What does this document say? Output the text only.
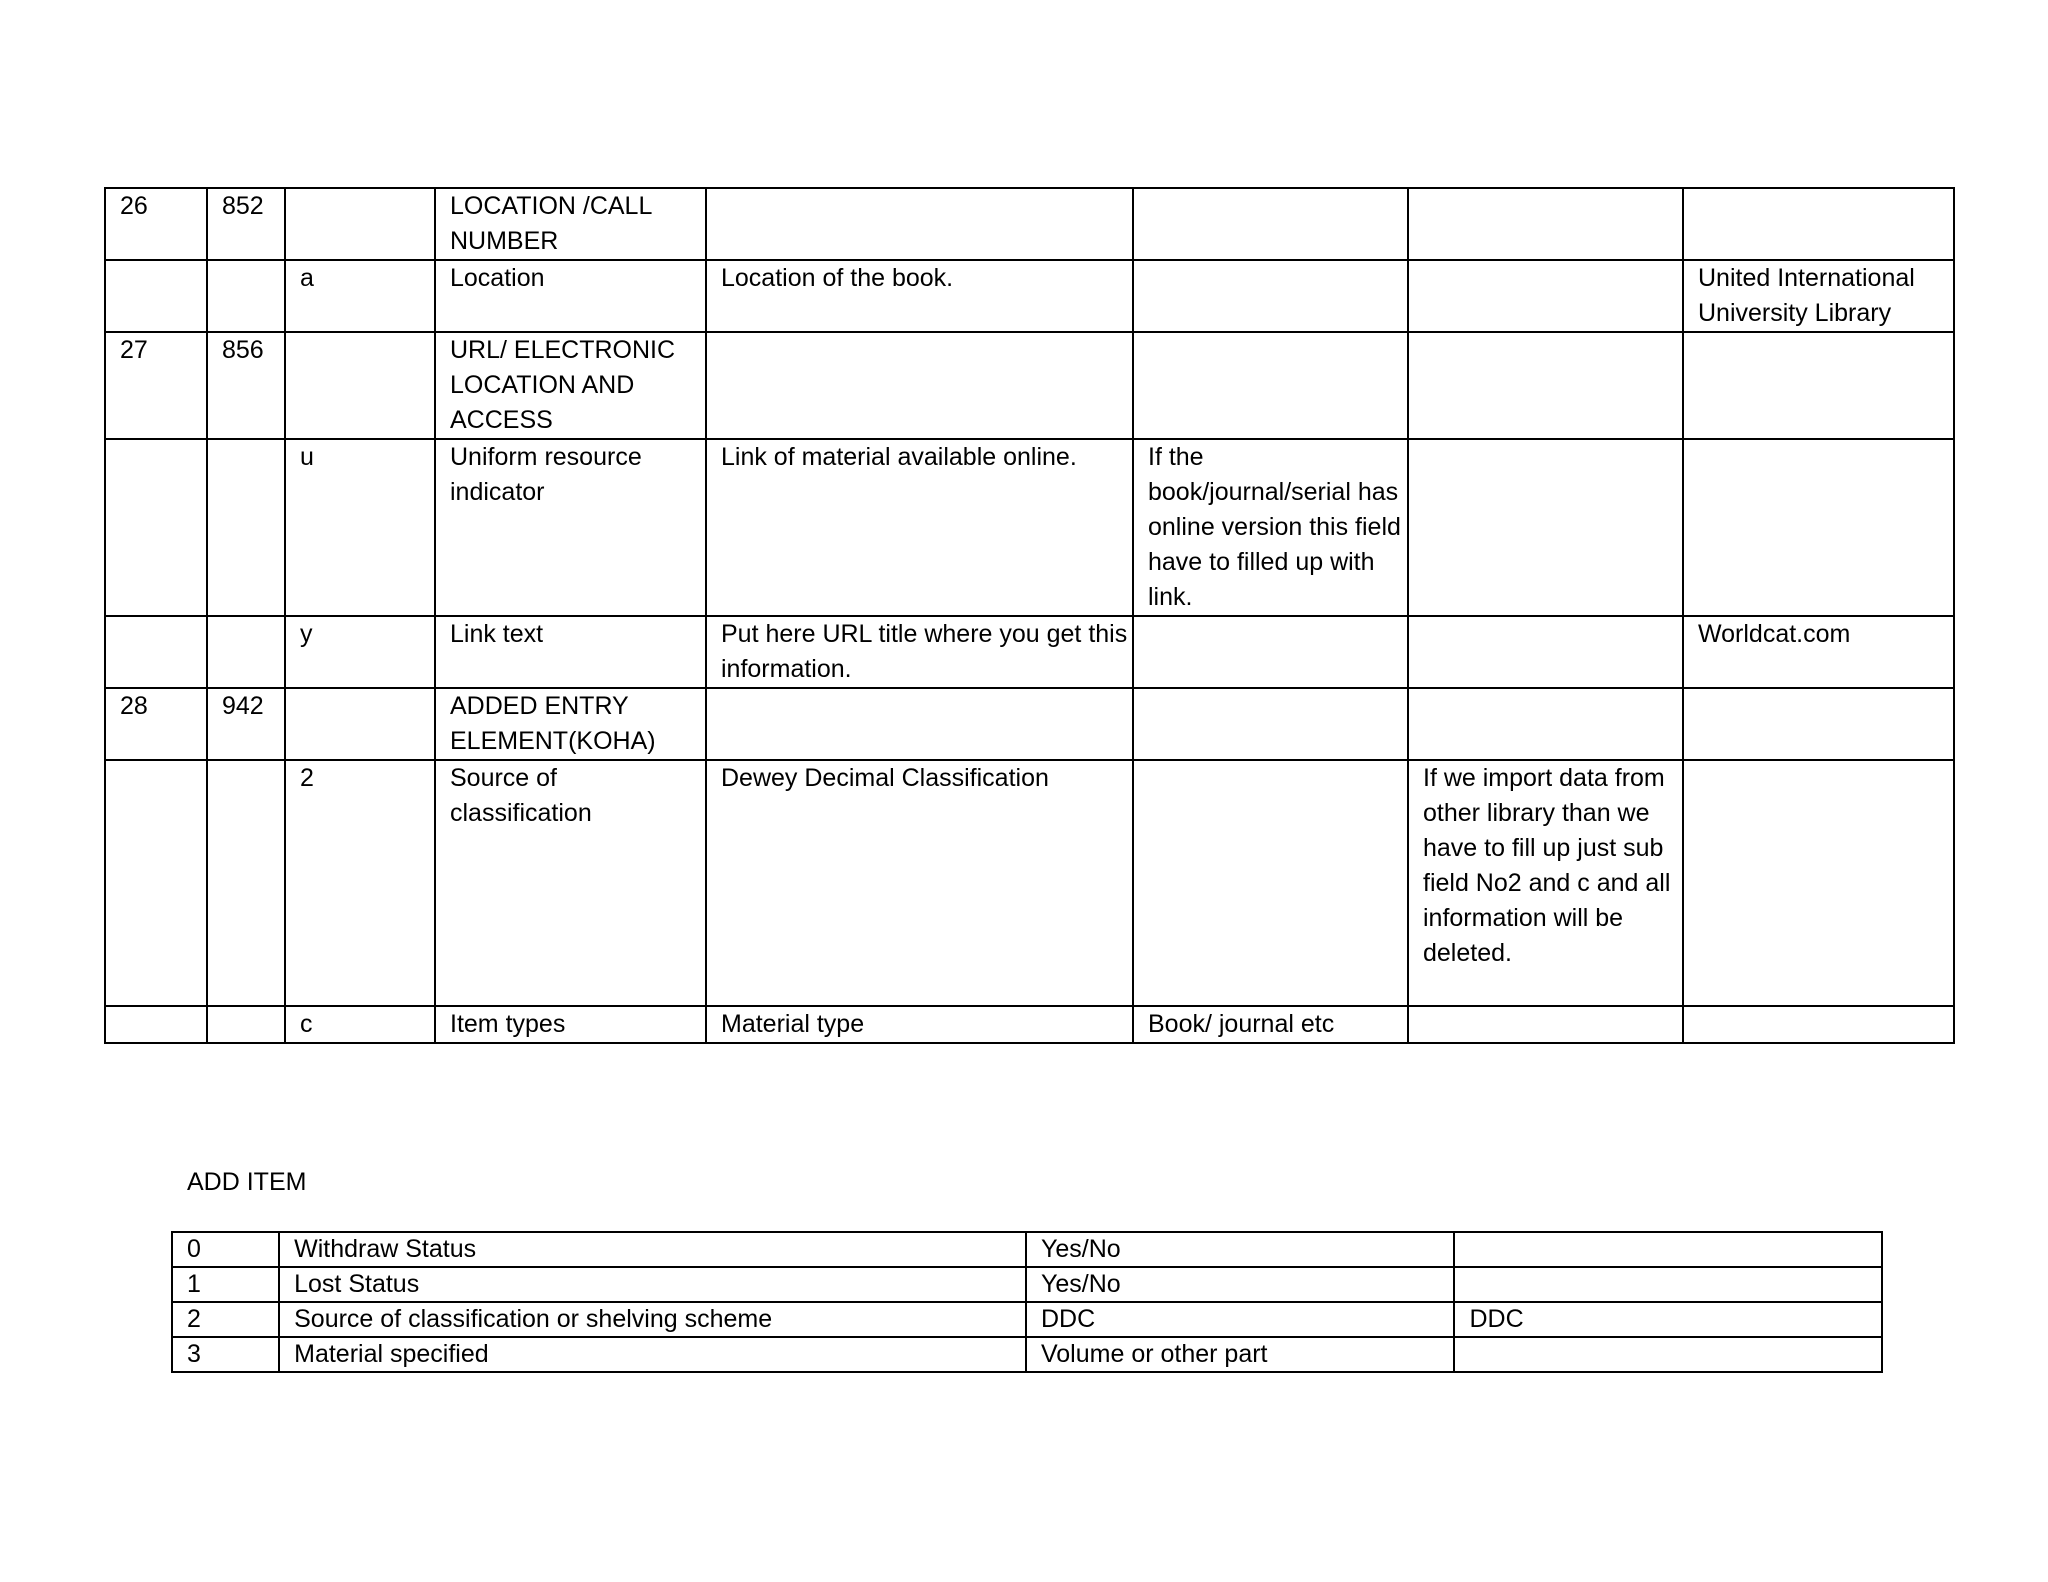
26	852		LOCATION /CALL NUMBER				
		a	Location	Location of the book.			United International University Library
27	856		URL/ ELECTRONIC LOCATION AND ACCESS				
		u	Uniform resource indicator	Link of material available online.	If the book/journal/serial has online version this field have to filled up with link.		
		y	Link text	Put here URL title where you get this information.			Worldcat.com
28	942		ADDED ENTRY ELEMENT(KOHA)				
		2	Source of classification	Dewey Decimal Classification		If we import data from other library than we have to fill up just sub field No2 and c and all information will be deleted.	
		c	Item types	Material type	Book/ journal etc		
ADD ITEM
0	Withdraw Status	Yes/No	
1	Lost Status	Yes/No	
2	Source of classification or shelving scheme	DDC	DDC
3	Material specified	Volume or other part	
